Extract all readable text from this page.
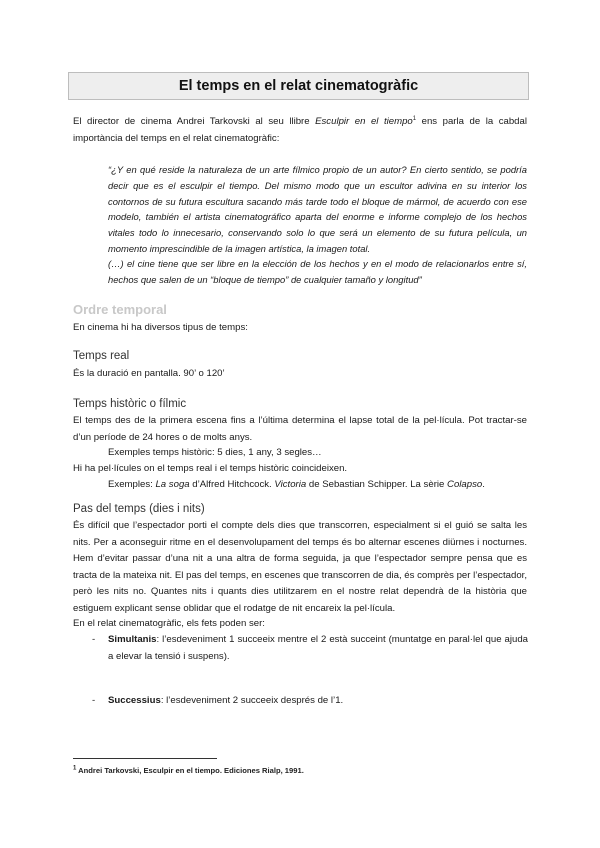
El temps en el relat cinematogràfic
El director de cinema Andrei Tarkovski al seu llibre Esculpir en el tiempo$^1$ ens parla de la cabdal importància del temps en el relat cinematogràfic:
“¿Y en qué reside la naturaleza de un arte fílmico propio de un autor? En cierto sentido, se podría decir que es el esculpir el tiempo. Del mismo modo que un escultor adivina en su interior los contornos de su futura escultura sacando más tarde todo el bloque de mármol, de acuerdo con ese modelo, también el artista cinematográfico aparta del enorme e informe complejo de los hechos vitales todo lo innecesario, conservando solo lo que será un elemento de su futura película, un momento imprescindible de la imagen artística, la imagen total.
(…) el cine tiene que ser libre en la elección de los hechos y en el modo de relacionarlos entre sí, hechos que salen de un “bloque de tiempo” de cualquier tamaño y longitud”
Ordre temporal
En cinema hi ha diversos tipus de temps:
Temps real
És la duració en pantalla. 90’ o 120’
Temps històric o fílmic
El temps des de la primera escena fins a l’última determina el lapse total de la pel·lícula. Pot tractar-se d’un període de 24 hores o de molts anys.
Exemples temps històric: 5 dies, 1 any, 3 segles…
Hi ha pel·lícules on el temps real i el temps històric coincideixen.
Exemples: La soga d’Alfred Hitchcock. Victoria de Sebastian Schipper. La sèrie Colapso.
Pas del temps (dies i nits)
És difícil que l’espectador porti el compte dels dies que transcorren, especialment si el guió se salta les nits. Per a aconseguir ritme en el desenvolupament del temps és bo alternar escenes diürnes i nocturnes. Hem d’evitar passar d’una nit a una altra de forma seguida, ja que l’espectador sempre pensa que es tracta de la mateixa nit. El pas del temps, en escenes que transcorren de dia, és comprès per l’espectador, però les nits no. Quantes nits i quants dies utilitzarem en el nostre relat dependrà de la història que estiguem explicant sense oblidar que el rodatge de nit encareix la pel·lícula.
En el relat cinematogràfic, els fets poden ser:
- Simultanis: l’esdeveniment 1 succeeix mentre el 2 està succeint (muntatge en paral·lel que ajuda a elevar la tensió i suspens).
- Successius: l’esdeveniment 2 succeeix després de l’1.
$^1$ Andrei Tarkovski, Esculpir en el tiempo. Ediciones Rialp, 1991.
